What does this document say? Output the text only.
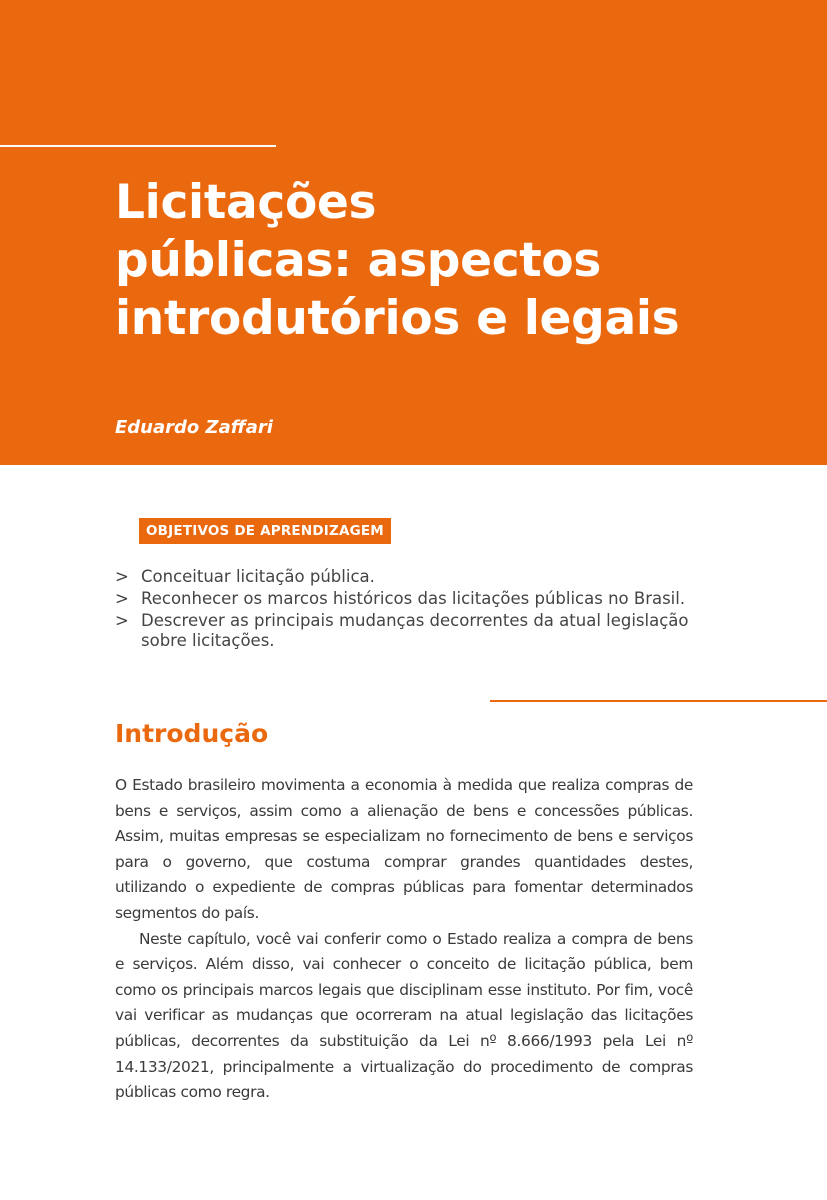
Licitações
públicas: aspectos
introdutórios e legais

Eduardo Zaffari

OBJETIVOS DE APRENDIZAGEM
> Conceituar licitação pública.
> Reconhecer os marcos históricos das licitações públicas no Brasil.
> Descrever as principais mudanças decorrentes da atual legislação sobre licitações.
Introdução

O Estado brasileiro movimenta a economia à medida que realiza compras de bens e serviços, assim como a alienação de bens e concessões públicas. Assim, muitas empresas se especializam no fornecimento de bens e serviços para o governo, que costuma comprar grandes quantidades destes, utilizando o expediente de compras públicas para fomentar determinados segmentos do país.

Neste capítulo, você vai conferir como o Estado realiza a compra de bens e serviços. Além disso, vai conhecer o conceito de licitação pública, bem como os principais marcos legais que disciplinam esse instituto. Por fim, você vai verificar as mudanças que ocorreram na atual legislação das licitações públicas, decorrentes da substituição da Lei nº 8.666/1993 pela Lei nº 14.133/2021, principalmente a virtualização do procedimento de compras públicas como regra.
